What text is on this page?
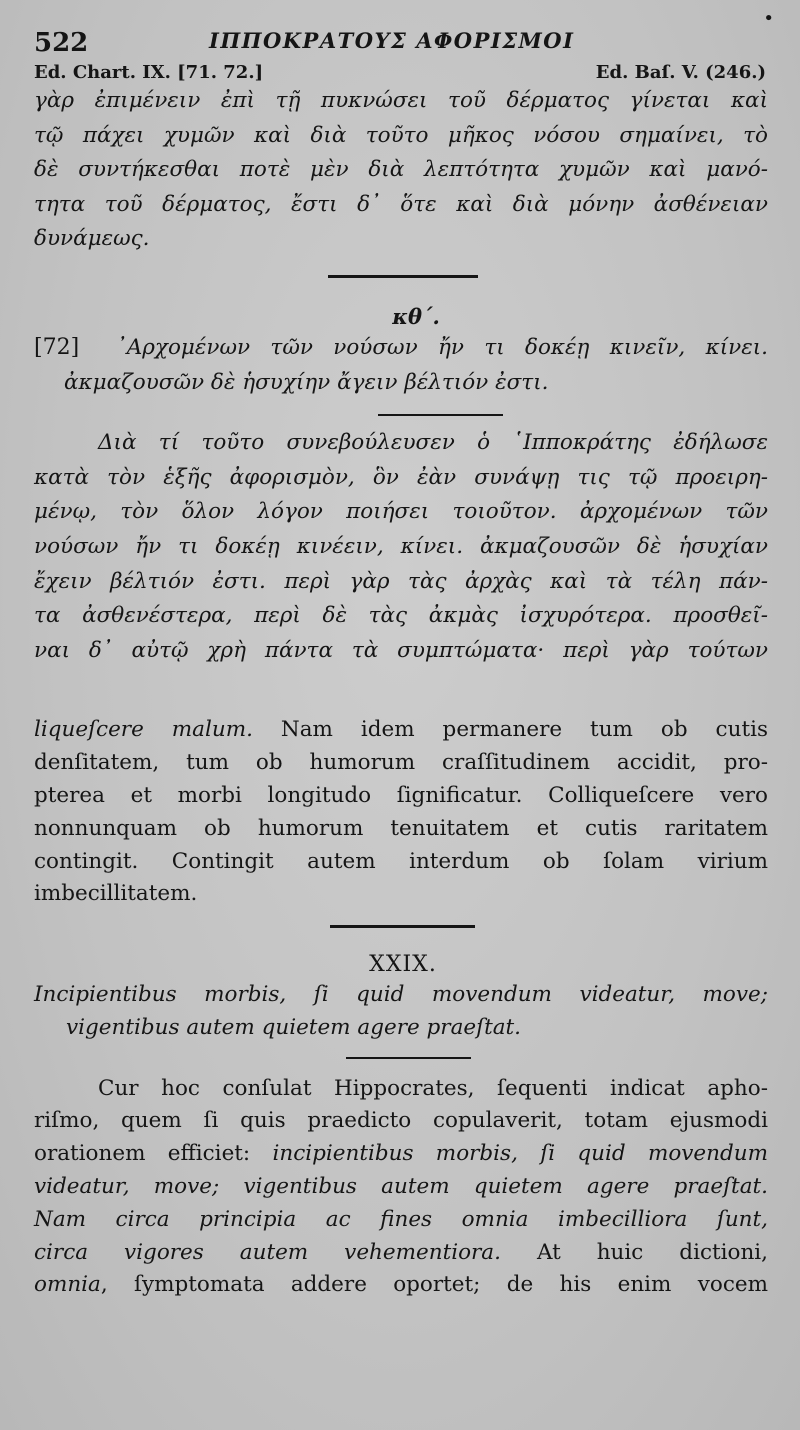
522	ΙΠΠΟΚΡΑΤΟΥΣ ΑΦΟΡΙΣΜΟΙ
•
Ed. Chart. IX. [71. 72.]	Ed. Baſ. V. (246.)
γὰρ ἐπιμένειν ἐπὶ τῇ πυκνώσει τοῦ δέρματος γίνεται καὶ
τῷ πάχει χυμῶν καὶ διὰ τοῦτο μῆκος νόσου σημαίνει, τὸ
δὲ συντήκεσθαι ποτὲ μὲν διὰ λεπτότητα χυμῶν καὶ μανό-
τητα τοῦ δέρματος, ἔστι δ᾽ ὅτε καὶ διὰ μόνην ἀσθένειαν
δυνάμεως.
κθ΄.
[72]	᾽Αρχομένων τῶν νούσων ἤν τι δοκέῃ κινεῖν, κίνει.
ἀκμαζουσῶν δὲ ἡσυχίην ἄγειν βέλτιόν ἐστι.
Διὰ τί τοῦτο συνεβούλευσεν ὁ ῾Ιπποκράτης ἐδήλωσε
κατὰ τὸν ἑξῆς ἀφορισμὸν, ὃν ἐὰν συνάψῃ τις τῷ προειρη-
μένῳ, τὸν ὅλον λόγον ποιήσει τοιοῦτον. ἀρχομένων τῶν
νούσων ἤν τι δοκέῃ κινέειν, κίνει. ἀκμαζουσῶν δὲ ἡσυχίαν
ἔχειν βέλτιόν ἐστι. περὶ γὰρ τὰς ἀρχὰς καὶ τὰ τέλη πάν-
τα ἀσθενέστερα, περὶ δὲ τὰς ἀκμὰς ἰσχυρότερα. προσθεῖ-
ναι δ᾽ αὐτῷ χρὴ πάντα τὰ συμπτώματα· περὶ γὰρ τούτων
liqueſcere malum. Nam idem permanere tum ob cutis
denſitatem, tum ob humorum craſſitudinem accidit, pro-
pterea et morbi longitudo ſignificatur. Colliqueſcere vero
nonnunquam ob humorum tenuitatem et cutis raritatem
contingit. Contingit autem interdum ob ſolam virium
imbecillitatem.
XXIX.
Incipientibus morbis, ſi quid movendum videatur, move;
vigentibus autem quietem agere praeſtat.
Cur hoc conſulat Hippocrates, ſequenti indicat apho-
riſmo, quem ſi quis praedicto copulaverit, totam ejusmodi
orationem efficiet: incipientibus morbis, ſi quid movendum
videatur, move; vigentibus autem quietem agere praeſtat.
Nam circa principia ac fines omnia imbecilliora ſunt,
circa vigores autem vehementiora. At huic dictioni,
omnia, ſymptomata addere oportet; de his enim vocem
